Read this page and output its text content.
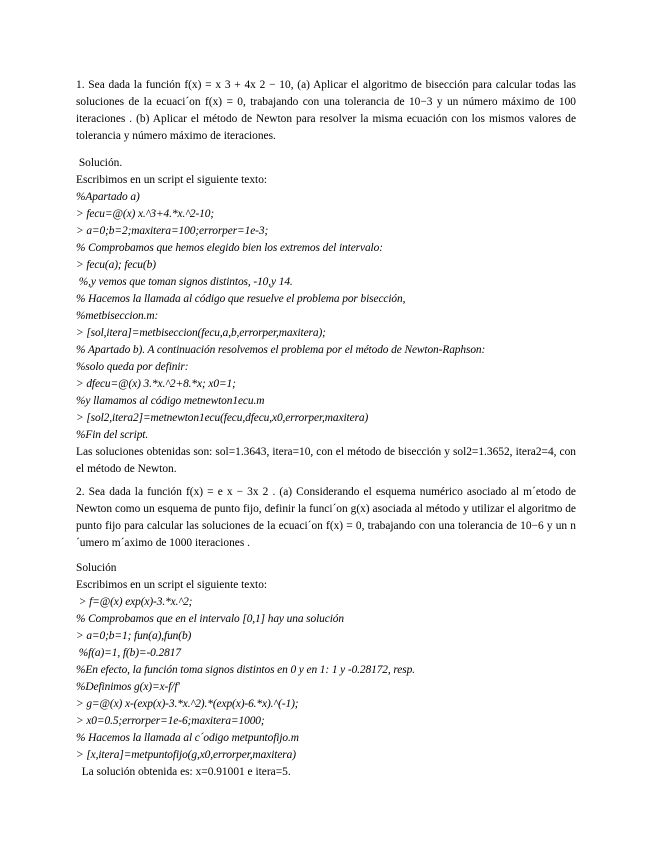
1. Sea dada la función f(x) = x 3 + 4x 2 − 10, (a) Aplicar el algoritmo de bisección para calcular todas las soluciones de la ecuaci´on f(x) = 0, trabajando con una tolerancia de 10−3 y un número máximo de 100 iteraciones . (b) Aplicar el método de Newton para resolver la misma ecuación con los mismos valores de tolerancia y número máximo de iteraciones.

Solución.

Escribimos en un script el siguiente texto:

%Apartado a)

> fecu=@(x) x.^3+4.*x.^2-10;

> a=0;b=2;maxitera=100;errorper=1e-3;

% Comprobamos que hemos elegido bien los extremos del intervalo:

> fecu(a); fecu(b)

%,y vemos que toman signos distintos, -10,y 14.

% Hacemos la llamada al código que resuelve el problema por bisección,

%metbiseccion.m:

> [sol,itera]=metbiseccion(fecu,a,b,errorper,maxitera);

% Apartado b). A continuación resolvemos el problema por el método de Newton-Raphson:

%solo queda por definir:

> dfecu=@(x) 3.*x.^2+8.*x; x0=1;

%y llamamos al código metnewton1ecu.m

> [sol2,itera2]=metnewton1ecu(fecu,dfecu,x0,errorper,maxitera)

%Fin del script.

Las soluciones obtenidas son: sol=1.3643, itera=10, con el método de bisección y sol2=1.3652, itera2=4, con el método de Newton.

2. Sea dada la función f(x) = e x − 3x 2 . (a) Considerando el esquema numérico asociado al m´etodo de Newton como un esquema de punto fijo, definir la funci´on g(x) asociada al método y utilizar el algoritmo de punto fijo para calcular las soluciones de la ecuaci´on f(x) = 0, trabajando con una tolerancia de 10−6 y un n´umero m´aximo de 1000 iteraciones .

Solución

Escribimos en un script el siguiente texto:

> f=@(x) exp(x)-3.*x.^2;

% Comprobamos que en el intervalo [0,1] hay una solución

> a=0;b=1; fun(a),fun(b)

%f(a)=1, f(b)=-0.2817

%En efecto, la función toma signos distintos en 0 y en 1: 1 y -0.28172, resp.

%Definimos g(x)=x-f/f'

> g=@(x) x-(exp(x)-3.*x.^2).*(exp(x)-6.*x).^(-1);

> x0=0.5;errorper=1e-6;maxitera=1000;

% Hacemos la llamada al c´odigo metpuntofijo.m

> [x,itera]=metpuntofijo(g,x0,errorper,maxitera)

La solución obtenida es: x=0.91001 e itera=5.
